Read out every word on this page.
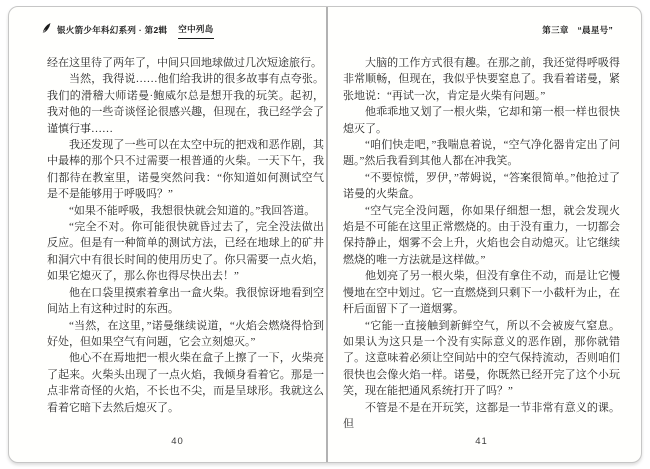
银火箭少年科幻系列 · 第2辑 空中列岛

经在这里待了两年了，中间只回地球做过几次短途旅行。

当然，我得说……他们给我讲的很多故事有点夸张。我们的滑稽大师诺曼·鲍威尔总是想开我的玩笑。起初，我对他的一些奇谈怪论很感兴趣，但现在，我已经学会了谨慎行事……

我还发现了一些可以在太空中玩的把戏和恶作剧，其中最棒的那个只不过需要一根普通的火柴。一天下午，我们都待在教室里，诺曼突然问我：“你知道如何测试空气是不是能够用于呼吸吗？”

“如果不能呼吸，我想很快就会知道的。”我回答道。

“完全不对。你可能很快就昏过去了，完全没法做出反应。但是有一种简单的测试方法，已经在地球上的矿井和洞穴中有很长时间的使用历史了。你只需要一点火焰，如果它熄灭了，那么你也得尽快出去！”

他在口袋里摸索着拿出一盒火柴。我很惊讶地看到空间站上有这种过时的东西。

“当然，在这里，”诺曼继续说道，“火焰会燃烧得恰到好处，但如果空气有问题，它会立刻熄灭。”

他心不在焉地把一根火柴在盒子上擦了一下，火柴亮了起来。火柴头出现了一点火焰，我倾身看着它。那是一点非常奇怪的火焰，不长也不尖，而是呈球形。我就这么看着它暗下去然后熄灭了。

40
第三章　“晨星号”

大脑的工作方式很有趣。在那之前，我还觉得呼吸得非常顺畅，但现在，我似乎快要窒息了。我看着诺曼，紧张地说：“再试一次，肯定是火柴有问题。”

他乖乖地又划了一根火柴，它却和第一根一样也很快熄灭了。

“咱们快走吧，”我喘息着说，“空气净化器肯定出了问题。”然后我看到其他人都在冲我笑。

“不要惊慌，罗伊，”蒂姆说，“答案很简单。”他抢过了诺曼的火柴盒。

“空气完全没问题，你如果仔细想一想，就会发现火焰是不可能在这里正常燃烧的。由于没有重力，一切都会保持静止，烟雾不会上升，火焰也会自动熄灭。让它继续燃烧的唯一方法就是这样做。”

他划亮了另一根火柴，但没有拿住不动，而是让它慢慢地在空中划过。它一直燃烧到只剩下一小截杆为止，在杆后面留下了一道烟雾。

“它能一直接触到新鲜空气，所以不会被废气窒息。如果认为这只是一个没有实际意义的恶作剧，那你就错了。这意味着必须让空间站中的空气保持流动，否则咱们很快也会像火焰一样。诺曼，你既然已经开完了这个小玩笑，现在能把通风系统打开了吗？”

不管是不是在开玩笑，这都是一节非常有意义的课。但

41
